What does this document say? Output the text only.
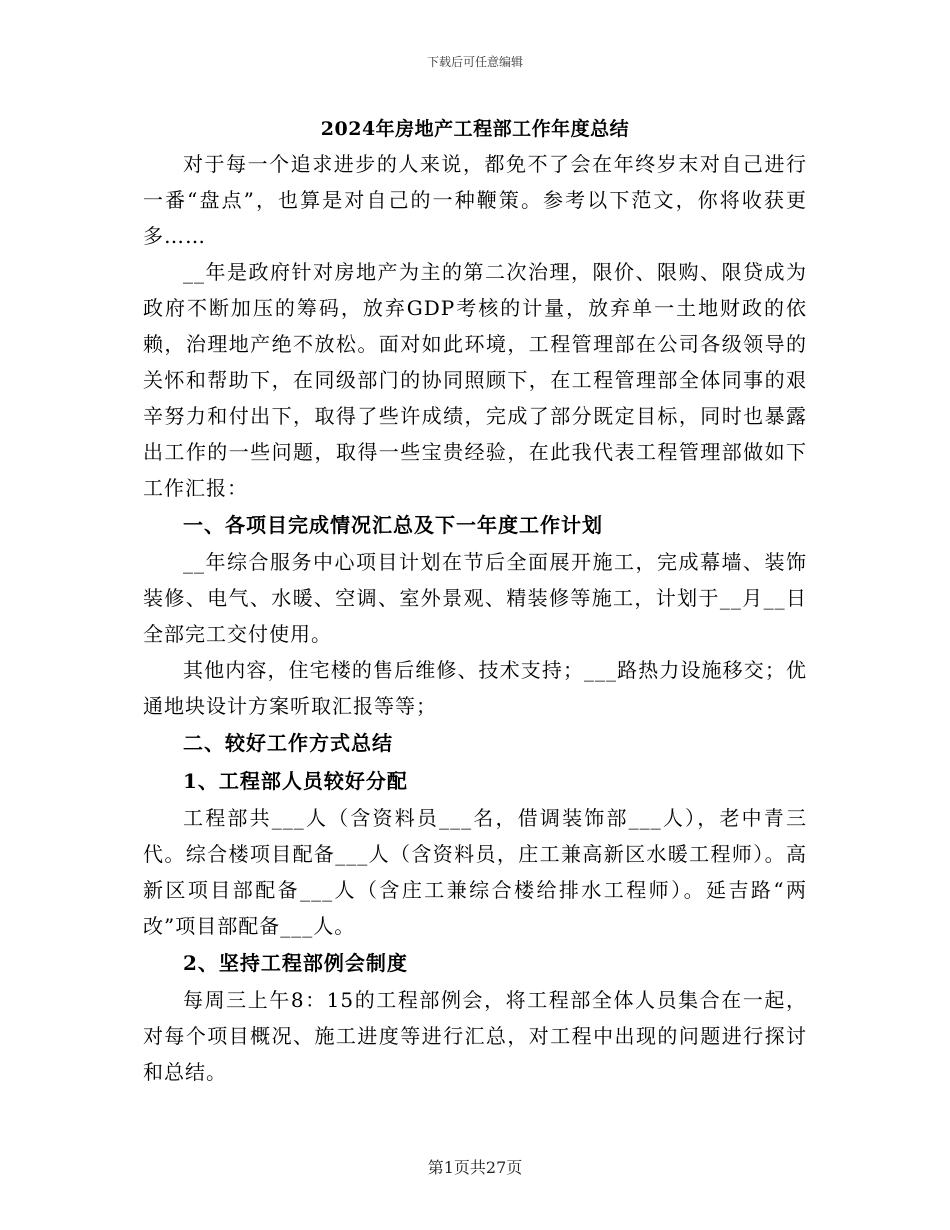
下载后可任意编辑
2024年房地产工程部工作年度总结

对于每一个追求进步的人来说，都免不了会在年终岁末对自己进行一番“盘点”，也算是对自己的一种鞭策。参考以下范文，你将收获更多……

__年是政府针对房地产为主的第二次治理，限价、限购、限贷成为政府不断加压的筹码，放弃GDP考核的计量，放弃单一土地财政的依赖，治理地产绝不放松。面对如此环境，工程管理部在公司各级领导的关怀和帮助下，在同级部门的协同照顾下，在工程管理部全体同事的艰辛努力和付出下，取得了些许成绩，完成了部分既定目标，同时也暴露出工作的一些问题，取得一些宝贵经验，在此我代表工程管理部做如下工作汇报：

一、各项目完成情况汇总及下一年度工作计划

__年综合服务中心项目计划在节后全面展开施工，完成幕墙、装饰装修、电气、水暖、空调、室外景观、精装修等施工，计划于__月__日全部完工交付使用。

其他内容，住宅楼的售后维修、技术支持；___路热力设施移交；优通地块设计方案听取汇报等等；

二、较好工作方式总结

1、工程部人员较好分配

工程部共___人（含资料员___名，借调装饰部___人），老中青三代。综合楼项目配备___人（含资料员，庄工兼高新区水暖工程师）。高新区项目部配备___人（含庄工兼综合楼给排水工程师）。延吉路“两改”项目部配备___人。

2、坚持工程部例会制度

每周三上午8：15的工程部例会，将工程部全体人员集合在一起，对每个项目概况、施工进度等进行汇总，对工程中出现的问题进行探讨和总结。

第1页共27页
